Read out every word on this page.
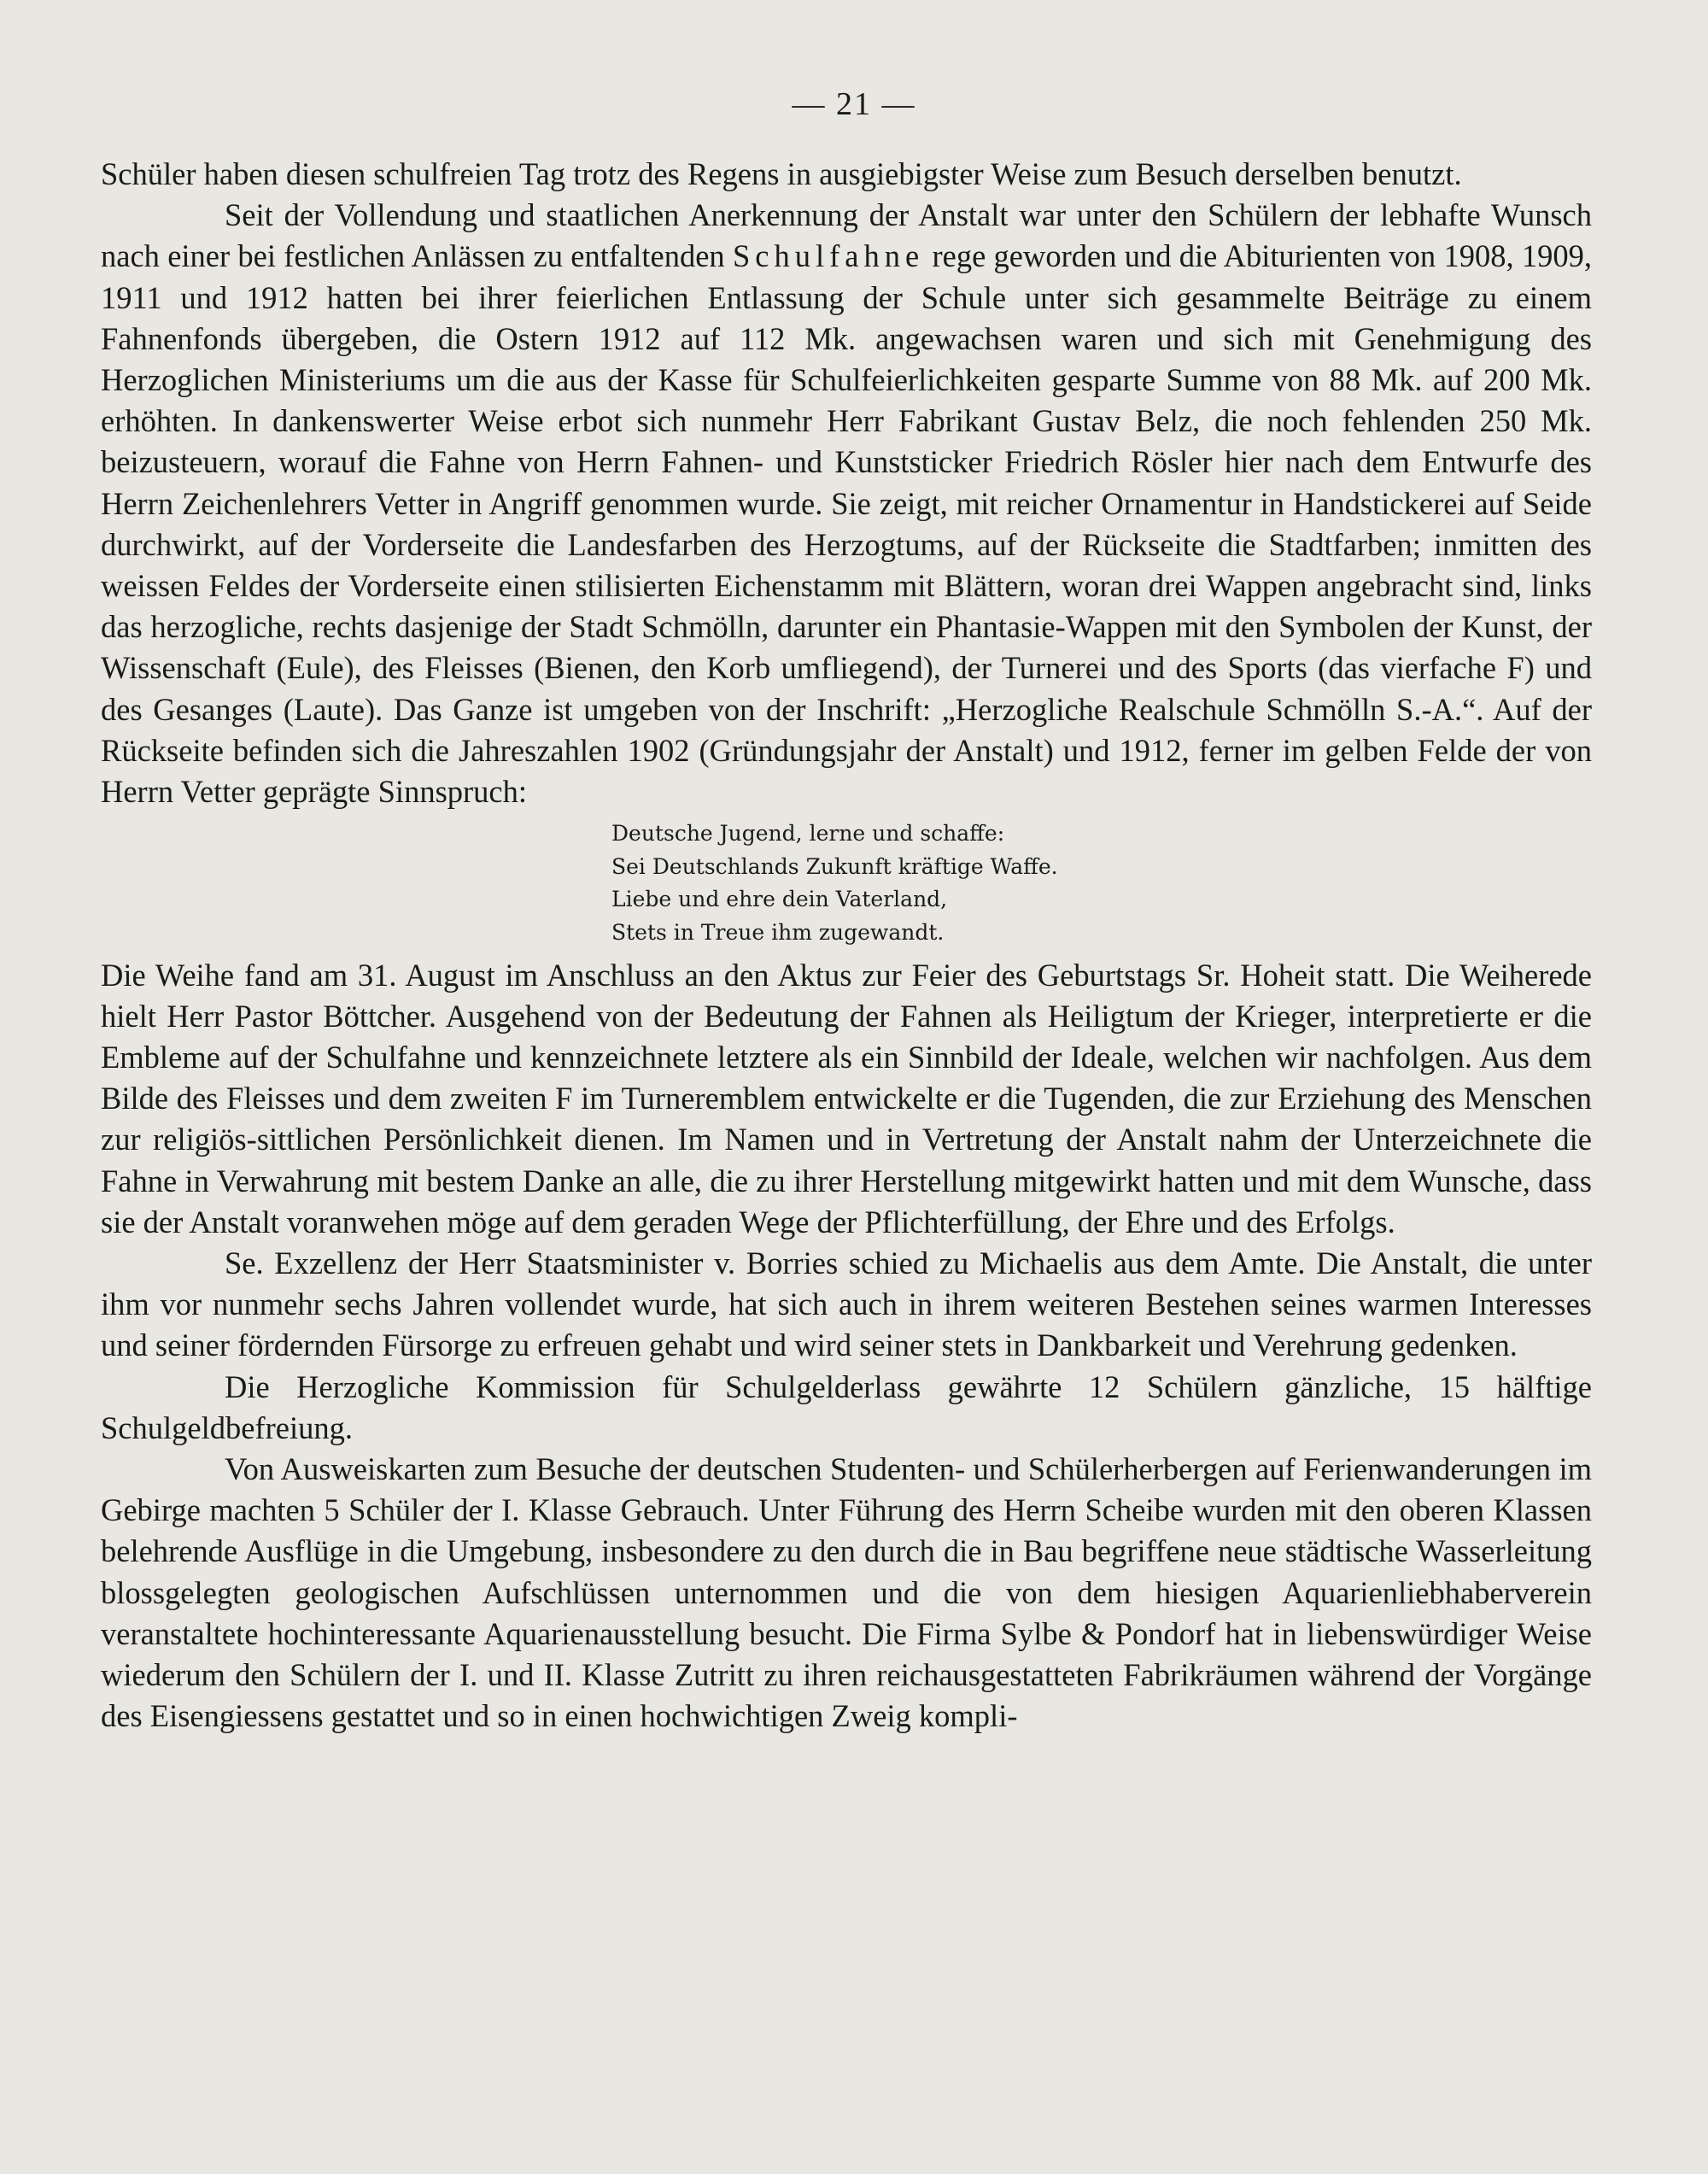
— 21 —

Schüler haben diesen schulfreien Tag trotz des Regens in ausgiebigster Weise zum Besuch derselben benutzt.

Seit der Vollendung und staatlichen Anerkennung der Anstalt war unter den Schülern der lebhafte Wunsch nach einer bei festlichen Anlässen zu entfaltenden Schulfahne rege geworden und die Abiturienten von 1908, 1909, 1911 und 1912 hatten bei ihrer feierlichen Entlassung der Schule unter sich gesammelte Beiträge zu einem Fahnenfonds übergeben, die Ostern 1912 auf 112 Mk. angewachsen waren und sich mit Genehmigung des Herzoglichen Ministeriums um die aus der Kasse für Schulfeierlichkeiten gesparte Summe von 88 Mk. auf 200 Mk. erhöhten. In dankenswerter Weise erbot sich nunmehr Herr Fabrikant Gustav Belz, die noch fehlenden 250 Mk. beizusteuern, worauf die Fahne von Herrn Fahnen- und Kunststicker Friedrich Rösler hier nach dem Entwurfe des Herrn Zeichenlehrers Vetter in Angriff genommen wurde. Sie zeigt, mit reicher Ornamentur in Handstickerei auf Seide durchwirkt, auf der Vorderseite die Landesfarben des Herzogtums, auf der Rückseite die Stadtfarben; inmitten des weissen Feldes der Vorderseite einen stilisierten Eichenstamm mit Blättern, woran drei Wappen angebracht sind, links das herzogliche, rechts dasjenige der Stadt Schmölln, darunter ein Phantasie-Wappen mit den Symbolen der Kunst, der Wissenschaft (Eule), des Fleisses (Bienen, den Korb umfliegend), der Turnerei und des Sports (das vierfache F) und des Gesanges (Laute). Das Ganze ist umgeben von der Inschrift: „Herzogliche Realschule Schmölln S.-A.“. Auf der Rückseite befinden sich die Jahreszahlen 1902 (Gründungsjahr der Anstalt) und 1912, ferner im gelben Felde der von Herrn Vetter geprägte Sinnspruch:

Deutsche Jugend, lerne und schaffe:
Sei Deutschlands Zukunft kräftige Waffe.
Liebe und ehre dein Vaterland,
Stets in Treue ihm zugewandt.

Die Weihe fand am 31. August im Anschluss an den Aktus zur Feier des Geburtstags Sr. Hoheit statt. Die Weiherede hielt Herr Pastor Böttcher. Ausgehend von der Bedeutung der Fahnen als Heiligtum der Krieger, interpretierte er die Embleme auf der Schulfahne und kennzeichnete letztere als ein Sinnbild der Ideale, welchen wir nachfolgen. Aus dem Bilde des Fleisses und dem zweiten F im Turneremblem entwickelte er die Tugenden, die zur Erziehung des Menschen zur religiös-sittlichen Persönlichkeit dienen. Im Namen und in Vertretung der Anstalt nahm der Unterzeichnete die Fahne in Verwahrung mit bestem Danke an alle, die zu ihrer Herstellung mitgewirkt hatten und mit dem Wunsche, dass sie der Anstalt voranwehen möge auf dem geraden Wege der Pflichterfüllung, der Ehre und des Erfolgs.

Se. Exzellenz der Herr Staatsminister v. Borries schied zu Michaelis aus dem Amte. Die Anstalt, die unter ihm vor nunmehr sechs Jahren vollendet wurde, hat sich auch in ihrem weiteren Bestehen seines warmen Interesses und seiner fördernden Fürsorge zu erfreuen gehabt und wird seiner stets in Dankbarkeit und Verehrung gedenken.

Die Herzogliche Kommission für Schulgelderlass gewährte 12 Schülern gänzliche, 15 hälftige Schulgeldbefreiung.

Von Ausweiskarten zum Besuche der deutschen Studenten- und Schülerherbergen auf Ferienwanderungen im Gebirge machten 5 Schüler der I. Klasse Gebrauch. Unter Führung des Herrn Scheibe wurden mit den oberen Klassen belehrende Ausflüge in die Umgebung, insbesondere zu den durch die in Bau begriffene neue städtische Wasserleitung blossgelegten geologischen Aufschlüssen unternommen und die von dem hiesigen Aquarienliebhaberverein veranstaltete hochinteressante Aquarienausstellung besucht. Die Firma Sylbe & Pondorf hat in liebenswürdiger Weise wiederum den Schülern der I. und II. Klasse Zutritt zu ihren reichausgestatteten Fabrikräumen während der Vorgänge des Eisengiessens gestattet und so in einen hochwichtigen Zweig kompli-
